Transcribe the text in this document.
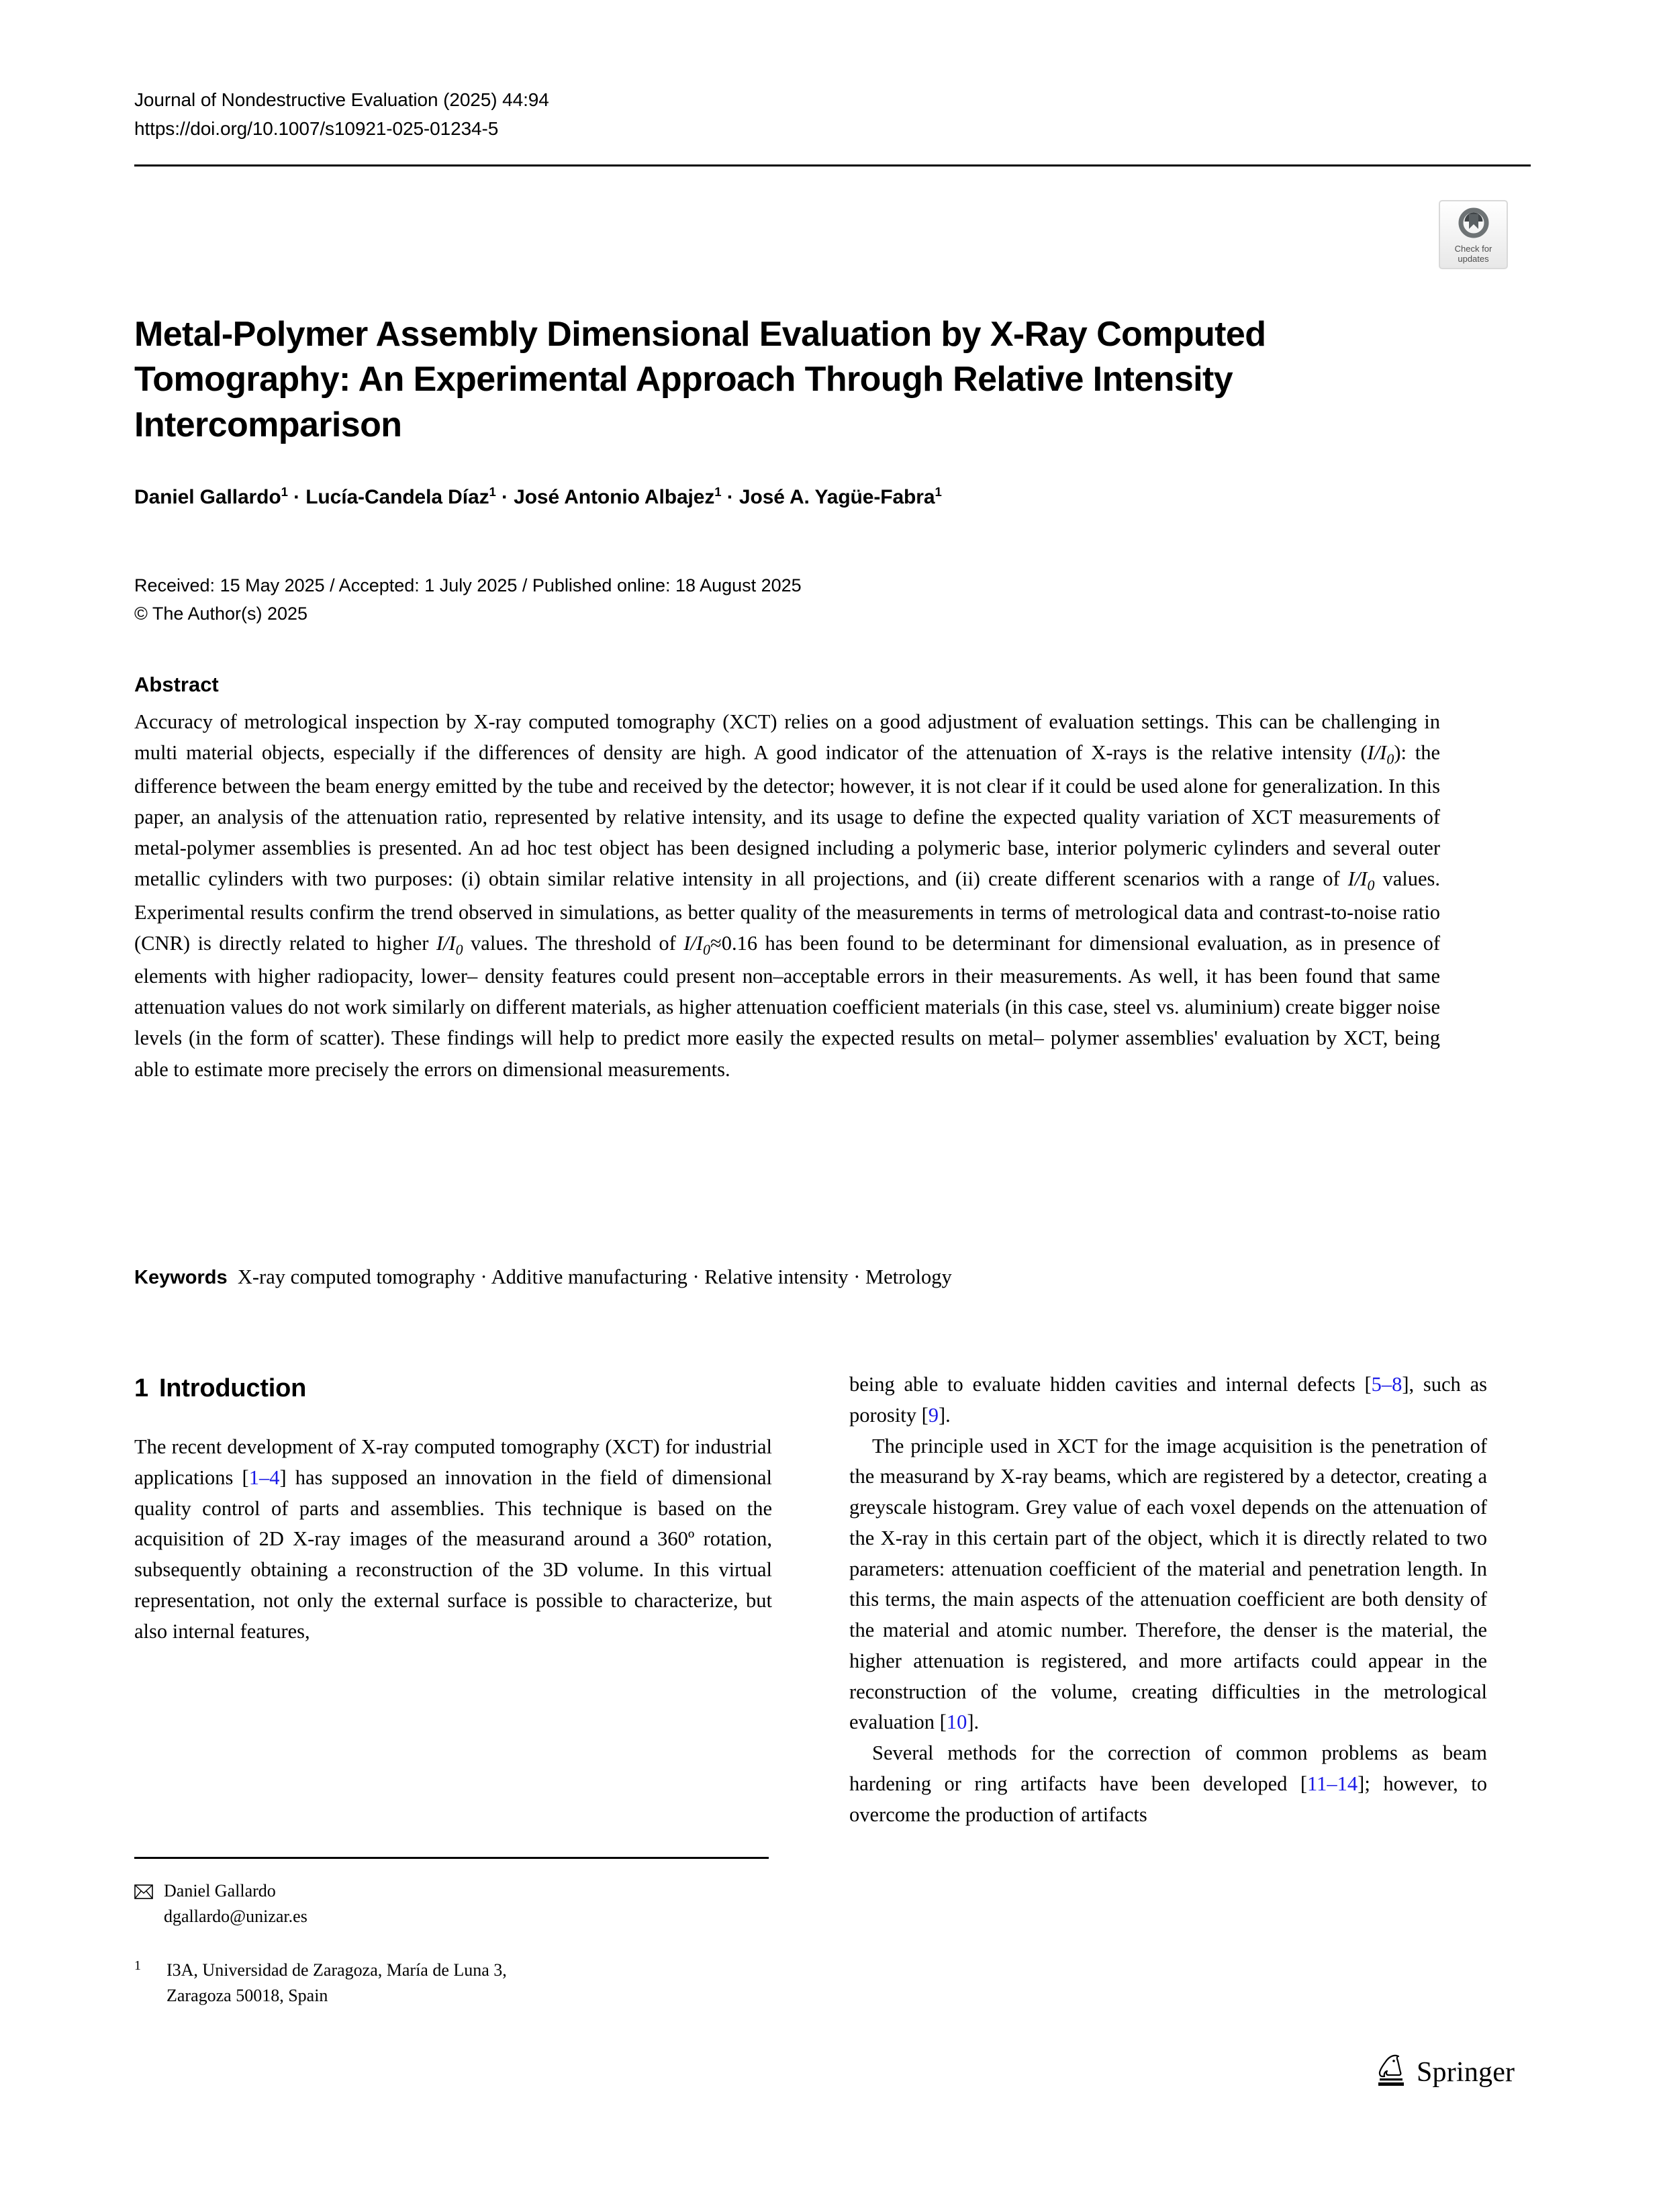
Journal of Nondestructive Evaluation (2025) 44:94
https://doi.org/10.1007/s10921-025-01234-5
Check for
updates
Metal-Polymer Assembly Dimensional Evaluation by X-Ray Computed Tomography: An Experimental Approach Through Relative Intensity Intercomparison
Daniel Gallardo$^1$ · Lucía-Candela Díaz$^1$ · José Antonio Albajez$^1$ · José A. Yagüe-Fabra$^1$
Received: 15 May 2025 / Accepted: 1 July 2025 / Published online: 18 August 2025
© The Author(s) 2025
Abstract
Accuracy of metrological inspection by X-ray computed tomography (XCT) relies on a good adjustment of evaluation settings. This can be challenging in multi material objects, especially if the differences of density are high. A good indicator of the attenuation of X-rays is the relative intensity $(I/I_0)$: the difference between the beam energy emitted by the tube and received by the detector; however, it is not clear if it could be used alone for generalization. In this paper, an analysis of the attenuation ratio, represented by relative intensity, and its usage to define the expected quality variation of XCT measurements of metal-polymer assemblies is presented. An ad hoc test object has been designed including a polymeric base, interior polymeric cylinders and several outer metallic cylinders with two purposes: (i) obtain similar relative intensity in all projections, and (ii) create different scenarios with a range of $I/I_0$ values. Experimental results confirm the trend observed in simulations, as better quality of the measurements in terms of metrological data and contrast-to-noise ratio (CNR) is directly related to higher $I/I_0$ values. The threshold of $I/I_0\approx 0.16$ has been found to be determinant for dimensional evaluation, as in presence of elements with higher radiopacity, lower– density features could present non–acceptable errors in their measurements. As well, it has been found that same attenuation values do not work similarly on different materials, as higher attenuation coefficient materials (in this case, steel vs. aluminium) create bigger noise levels (in the form of scatter). These findings will help to predict more easily the expected results on metal– polymer assemblies' evaluation by XCT, being able to estimate more precisely the errors on dimensional measurements.
Keywords X-ray computed tomography · Additive manufacturing · Relative intensity · Metrology
1 Introduction

The recent development of X-ray computed tomography (XCT) for industrial applications [1–4] has supposed an innovation in the field of dimensional quality control of parts and assemblies. This technique is based on the acquisition of 2D X-ray images of the measurand around a 360º rotation, subsequently obtaining a reconstruction of the 3D volume. In this virtual representation, not only the external surface is possible to characterize, but also internal features,

being able to evaluate hidden cavities and internal defects [5–8], such as porosity [9].

The principle used in XCT for the image acquisition is the penetration of the measurand by X-ray beams, which are registered by a detector, creating a greyscale histogram. Grey value of each voxel depends on the attenuation of the X-ray in this certain part of the object, which it is directly related to two parameters: attenuation coefficient of the material and penetration length. In this terms, the main aspects of the attenuation coefficient are both density of the material and atomic number. Therefore, the denser is the material, the higher attenuation is registered, and more artifacts could appear in the reconstruction of the volume, creating difficulties in the metrological evaluation [10].

Several methods for the correction of common problems as beam hardening or ring artifacts have been developed [11–14]; however, to overcome the production of artifacts

Daniel Gallardo
dgallardo@unizar.es
1	I3A, Universidad de Zaragoza, María de Luna 3,
Zaragoza 50018, Spain
Springer
